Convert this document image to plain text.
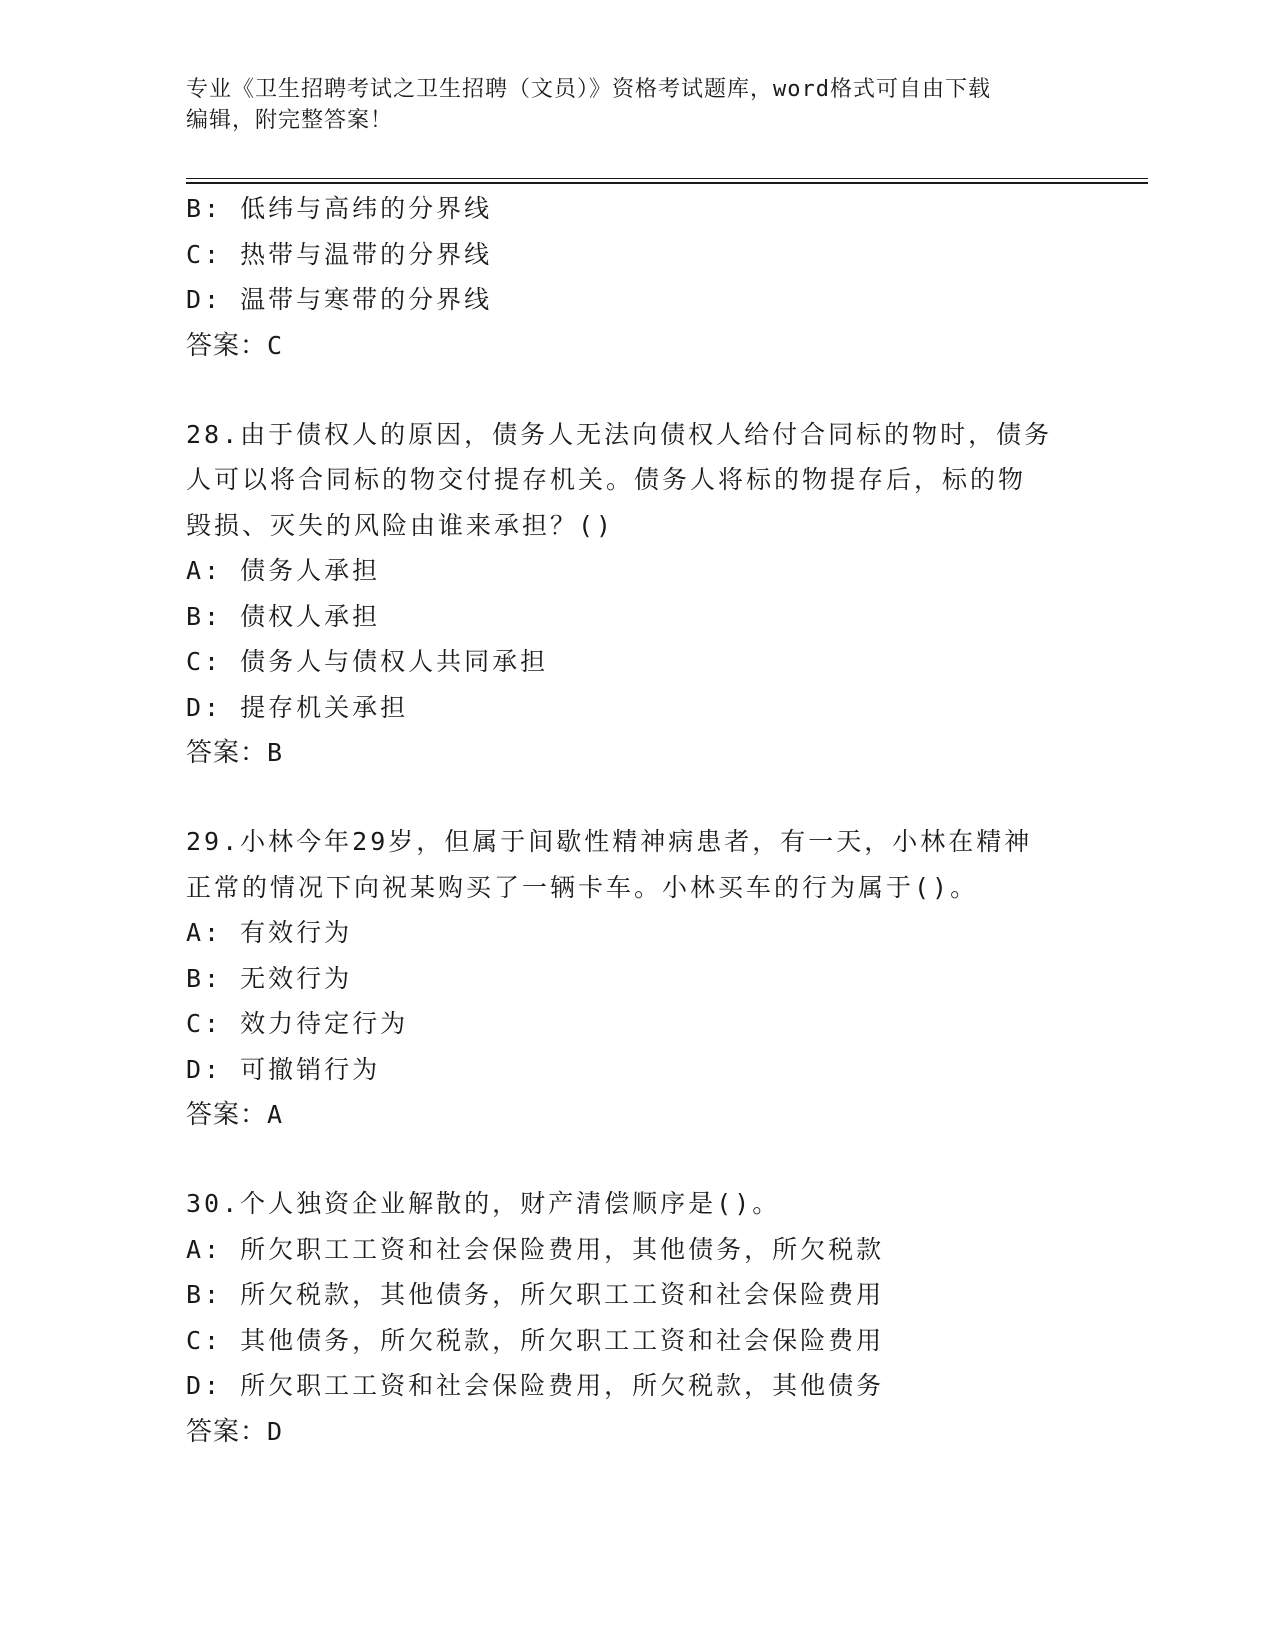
专业《卫生招聘考试之卫生招聘（文员）》资格考试题库，word格式可自由下载
编辑，附完整答案！
B: 低纬与高纬的分界线
C: 热带与温带的分界线
D: 温带与寒带的分界线
答案：C
28.由于债权人的原因，债务人无法向债权人给付合同标的物时，债务
人可以将合同标的物交付提存机关。债务人将标的物提存后，标的物
毁损、灭失的风险由谁来承担？()
A: 债务人承担
B: 债权人承担
C: 债务人与债权人共同承担
D: 提存机关承担
答案：B
29.小林今年29岁，但属于间歇性精神病患者，有一天，小林在精神
正常的情况下向祝某购买了一辆卡车。小林买车的行为属于()。
A: 有效行为
B: 无效行为
C: 效力待定行为
D: 可撤销行为
答案：A
30.个人独资企业解散的，财产清偿顺序是()。
A: 所欠职工工资和社会保险费用，其他债务，所欠税款
B: 所欠税款，其他债务，所欠职工工资和社会保险费用
C: 其他债务，所欠税款，所欠职工工资和社会保险费用
D: 所欠职工工资和社会保险费用，所欠税款，其他债务
答案：D
